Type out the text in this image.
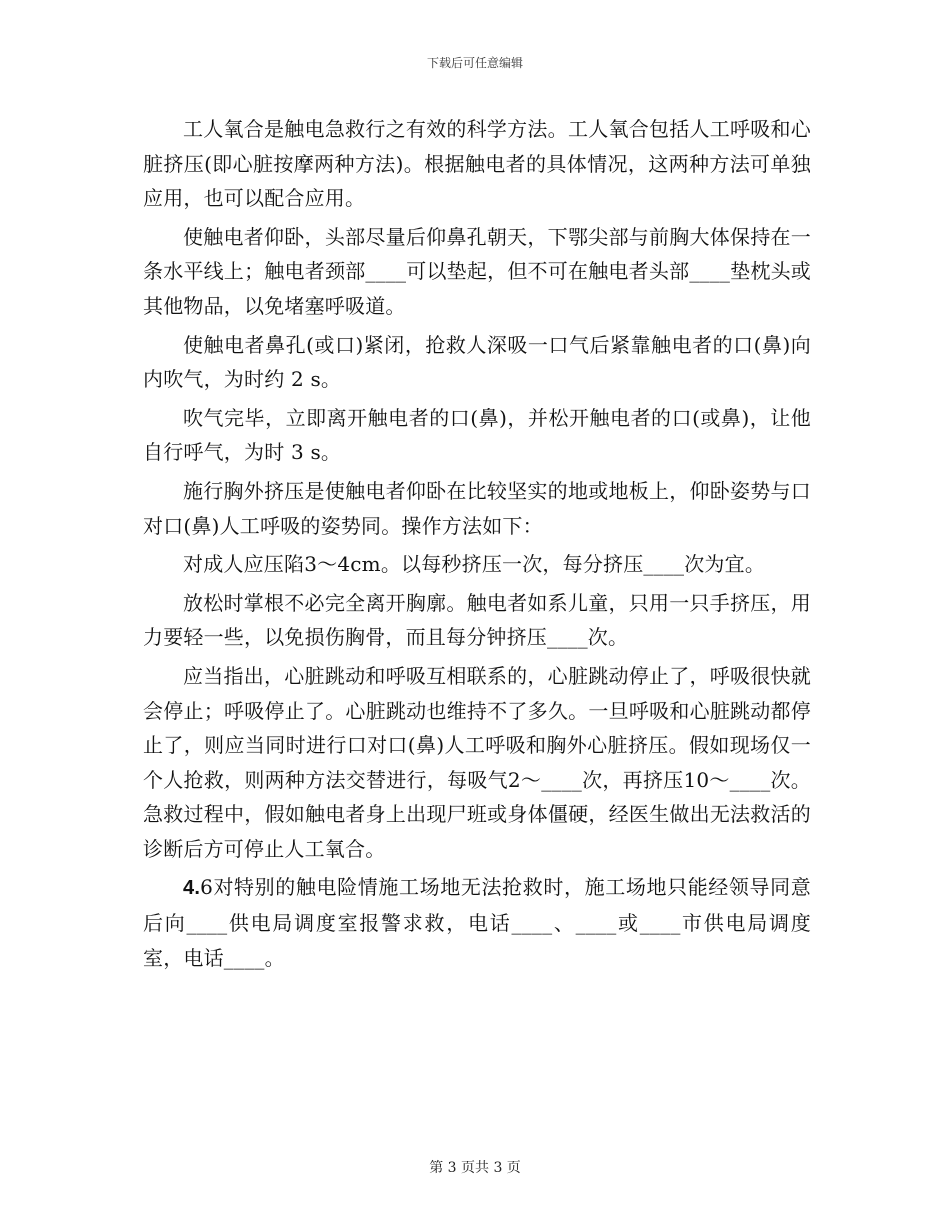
下载后可任意编辑

工人氧合是触电急救行之有效的科学方法。工人氧合包括人工呼吸和心脏挤压(即心脏按摩两种方法)。根据触电者的具体情况，这两种方法可单独应用，也可以配合应用。

使触电者仰卧，头部尽量后仰鼻孔朝天，下鄂尖部与前胸大体保持在一条水平线上；触电者颈部____可以垫起，但不可在触电者头部____垫枕头或其他物品，以免堵塞呼吸道。

使触电者鼻孔(或口)紧闭，抢救人深吸一口气后紧靠触电者的口(鼻)向内吹气，为时约 2 s。

吹气完毕，立即离开触电者的口(鼻)，并松开触电者的口(或鼻)，让他自行呼气，为时 3 s。

施行胸外挤压是使触电者仰卧在比较坚实的地或地板上，仰卧姿势与口对口(鼻)人工呼吸的姿势同。操作方法如下：

对成人应压陷3～4cm。以每秒挤压一次，每分挤压____次为宜。

放松时掌根不必完全离开胸廓。触电者如系儿童，只用一只手挤压，用力要轻一些，以免损伤胸骨，而且每分钟挤压____次。

应当指出，心脏跳动和呼吸互相联系的，心脏跳动停止了，呼吸很快就会停止；呼吸停止了。心脏跳动也维持不了多久。一旦呼吸和心脏跳动都停止了，则应当同时进行口对口(鼻)人工呼吸和胸外心脏挤压。假如现场仅一个人抢救，则两种方法交替进行，每吸气2～____次，再挤压10～____次。急救过程中，假如触电者身上出现尸班或身体僵硬，经医生做出无法救活的诊断后方可停止人工氧合。

4.6对特别的触电险情施工场地无法抢救时，施工场地只能经领导同意后向____供电局调度室报警求救，电话____、____或____市供电局调度室，电话____。

第 3 页共 3 页
